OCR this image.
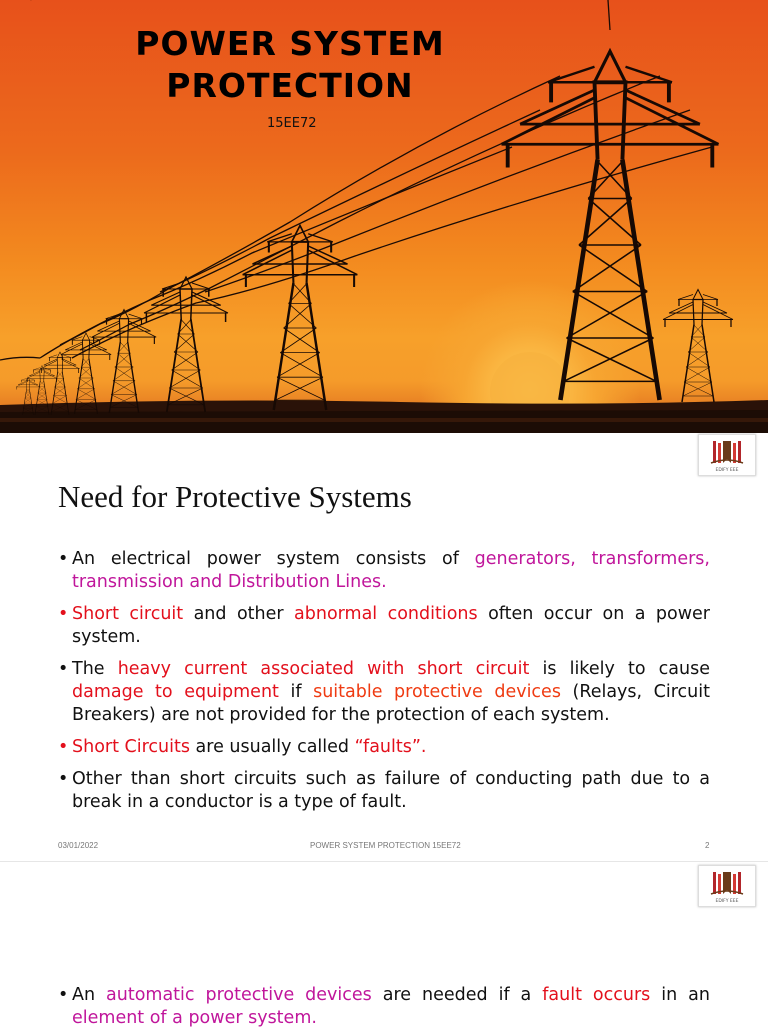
POWER SYSTEM
PROTECTION
15EE72
EDIFY EEE
Need for Protective Systems
• An electrical power system consists of generators, transformers, transmission and Distribution Lines.
• Short circuit and other abnormal conditions often occur on a power system.
• The heavy current associated with short circuit is likely to cause damage to equipment if suitable protective devices (Relays, Circuit Breakers) are not provided for the protection of each system.
• Short Circuits are usually called “faults”.
• Other than short circuits such as failure of conducting path due to a break in a conductor is a type of fault.
03/01/2022	POWER SYSTEM PROTECTION 15EE72	2
EDIFY EEE
• An automatic protective devices are needed if a fault occurs in an element of a power system.
